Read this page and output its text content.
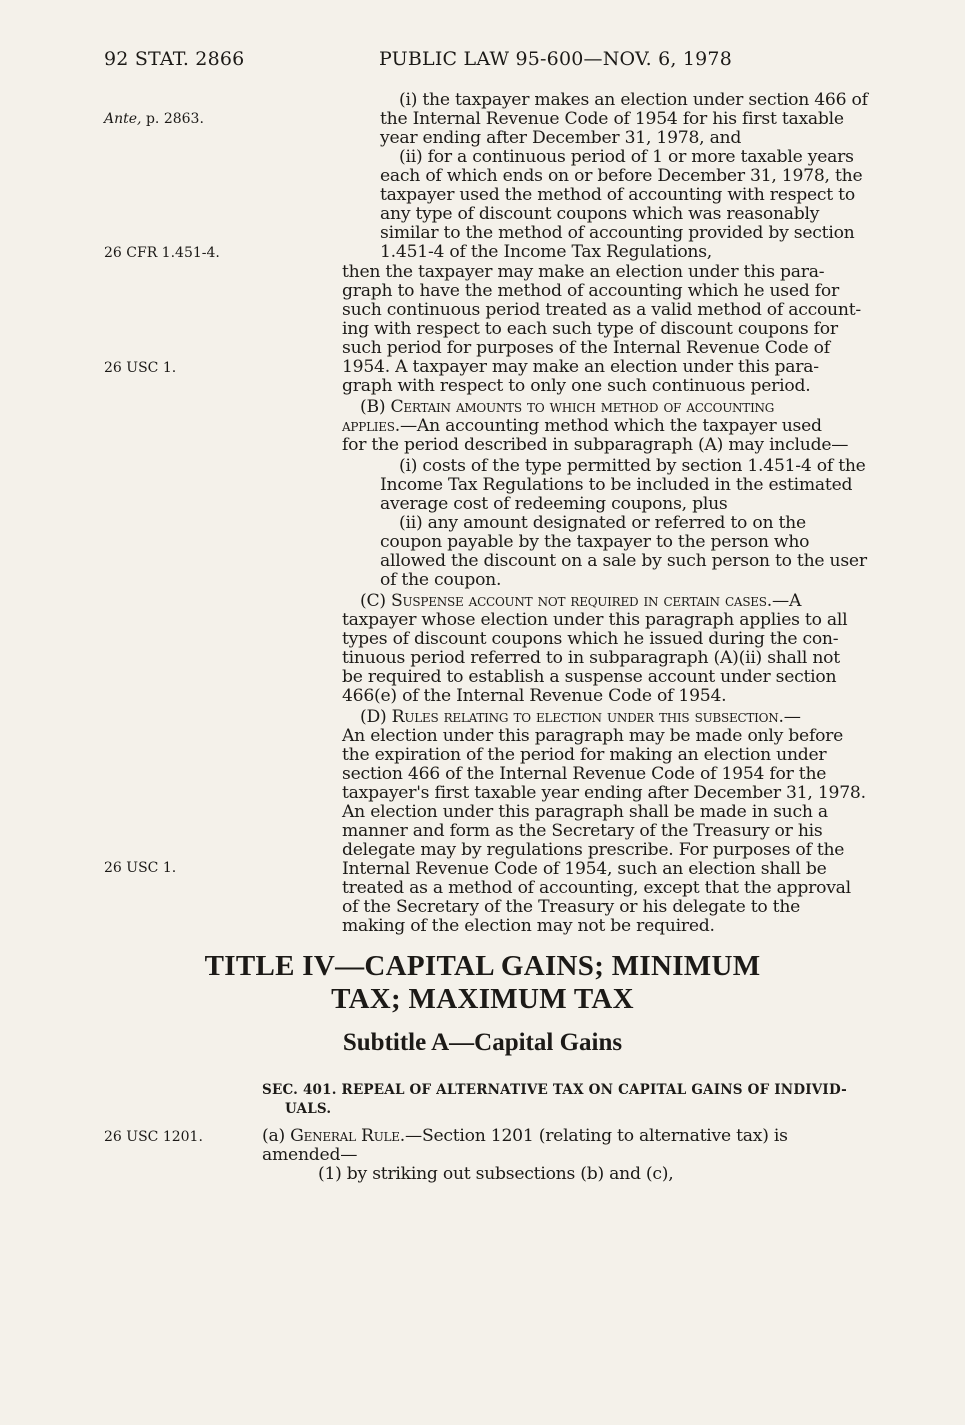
92 STAT. 2866	PUBLIC LAW 95-600—NOV. 6, 1978
Ante, p. 2863.
26 CFR 1.451-4.
26 USC 1.
26 USC 1.
26 USC 1201.
(i) the taxpayer makes an election under section 466 of
the Internal Revenue Code of 1954 for his first taxable
year ending after December 31, 1978, and
(ii) for a continuous period of 1 or more taxable years
each of which ends on or before December 31, 1978, the
taxpayer used the method of accounting with respect to
any type of discount coupons which was reasonably
similar to the method of accounting provided by section
1.451-4 of the Income Tax Regulations,
then the taxpayer may make an election under this para-
graph to have the method of accounting which he used for
such continuous period treated as a valid method of account-
ing with respect to each such type of discount coupons for
such period for purposes of the Internal Revenue Code of
1954. A taxpayer may make an election under this para-
graph with respect to only one such continuous period.
(B) Certain amounts to which method of accounting
applies.—An accounting method which the taxpayer used
for the period described in subparagraph (A) may include—
(i) costs of the type permitted by section 1.451-4 of the
Income Tax Regulations to be included in the estimated
average cost of redeeming coupons, plus
(ii) any amount designated or referred to on the
coupon payable by the taxpayer to the person who
allowed the discount on a sale by such person to the user
of the coupon.
(C) Suspense account not required in certain cases.—A
taxpayer whose election under this paragraph applies to all
types of discount coupons which he issued during the con-
tinuous period referred to in subparagraph (A)(ii) shall not
be required to establish a suspense account under section
466(e) of the Internal Revenue Code of 1954.
(D) Rules relating to election under this subsection.—
An election under this paragraph may be made only before
the expiration of the period for making an election under
section 466 of the Internal Revenue Code of 1954 for the
taxpayer's first taxable year ending after December 31, 1978.
An election under this paragraph shall be made in such a
manner and form as the Secretary of the Treasury or his
delegate may by regulations prescribe. For purposes of the
Internal Revenue Code of 1954, such an election shall be
treated as a method of accounting, except that the approval
of the Secretary of the Treasury or his delegate to the
making of the election may not be required.
TITLE IV—CAPITAL GAINS; MINIMUM
TAX; MAXIMUM TAX
Subtitle A—Capital Gains
SEC. 401. REPEAL OF ALTERNATIVE TAX ON CAPITAL GAINS OF INDIVID-
UALS.
(a) General Rule.—Section 1201 (relating to alternative tax) is
amended—
(1) by striking out subsections (b) and (c),
